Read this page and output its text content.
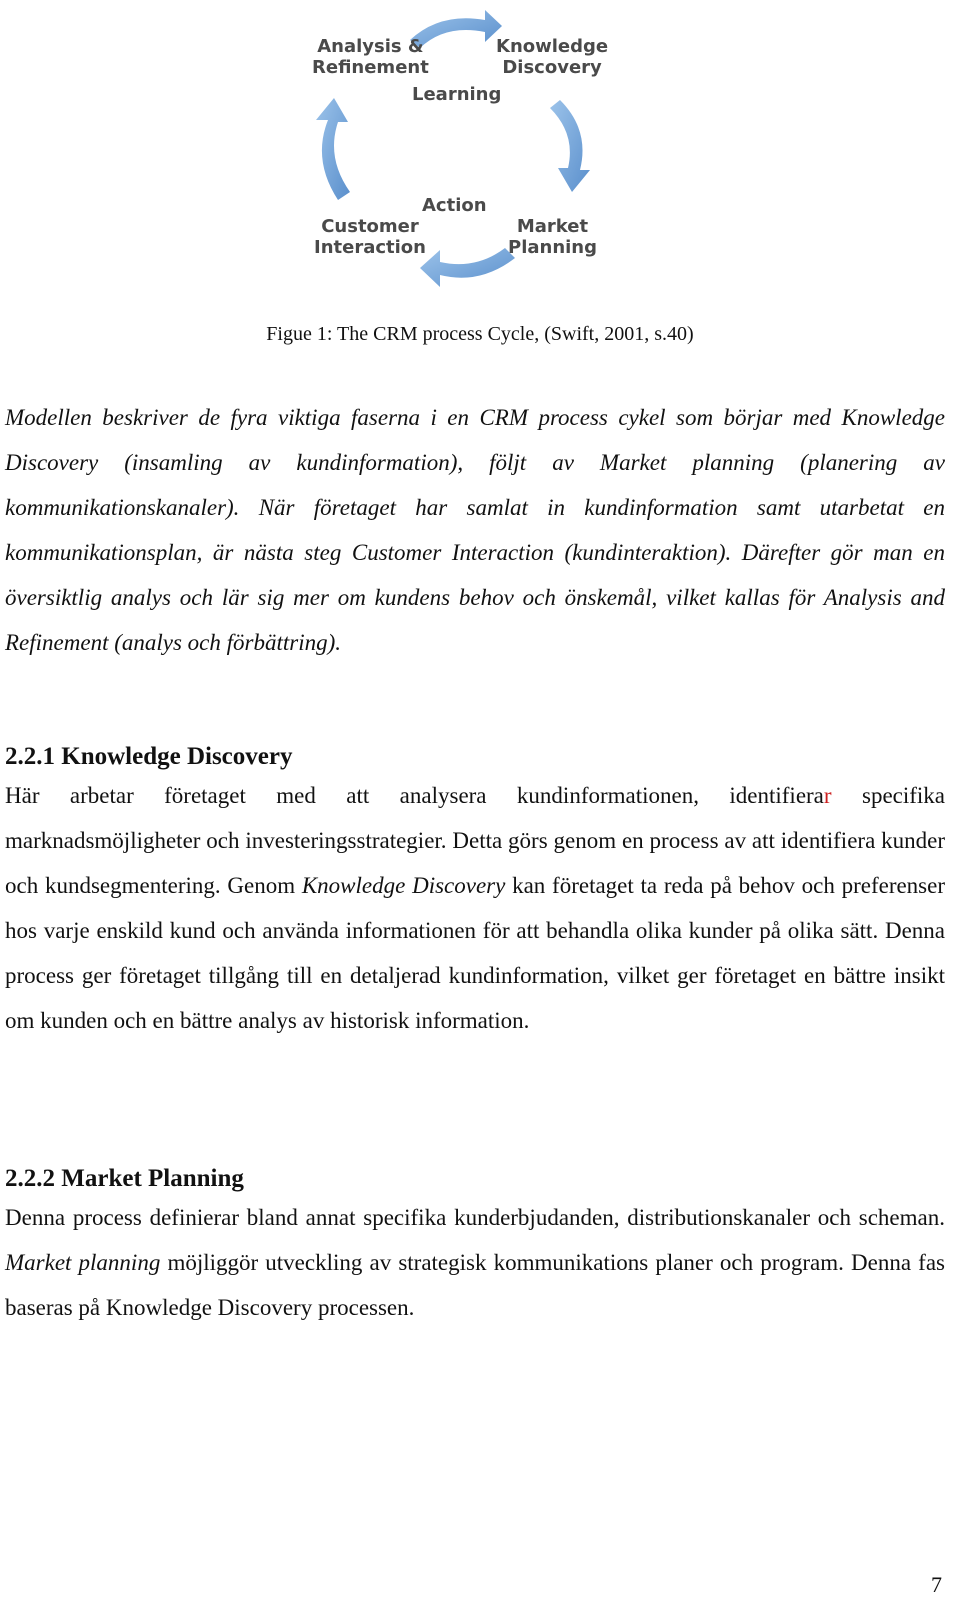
Analysis &
Refinement
Knowledge
Discovery
Learning
Action
Customer
Interaction
Market
Planning
Figue 1: The CRM process Cycle, (Swift, 2001, s.40)

Modellen beskriver de fyra viktiga faserna i en CRM process cykel som börjar med Knowledge Discovery (insamling av kundinformation), följt av Market planning (planering av kommunikationskanaler). När företaget har samlat in kundinformation samt utarbetat en kommunikationsplan, är nästa steg Customer Interaction (kundinteraktion). Därefter gör man en översiktlig analys och lär sig mer om kundens behov och önskemål, vilket kallas för Analysis and Refinement (analys och förbättring).

2.2.1 Knowledge Discovery

Här arbetar företaget med att analysera kundinformationen, identifierar specifika marknadsmöjligheter och investeringsstrategier. Detta görs genom en process av att identifiera kunder och kundsegmentering. Genom Knowledge Discovery kan företaget ta reda på behov och preferenser hos varje enskild kund och använda informationen för att behandla olika kunder på olika sätt. Denna process ger företaget tillgång till en detaljerad kundinformation, vilket ger företaget en bättre insikt om kunden och en bättre analys av historisk information.

2.2.2 Market Planning

Denna process definierar bland annat specifika kunderbjudanden, distributionskanaler och scheman. Market planning möjliggör utveckling av strategisk kommunikations planer och program. Denna fas baseras på Knowledge Discovery processen.

7
